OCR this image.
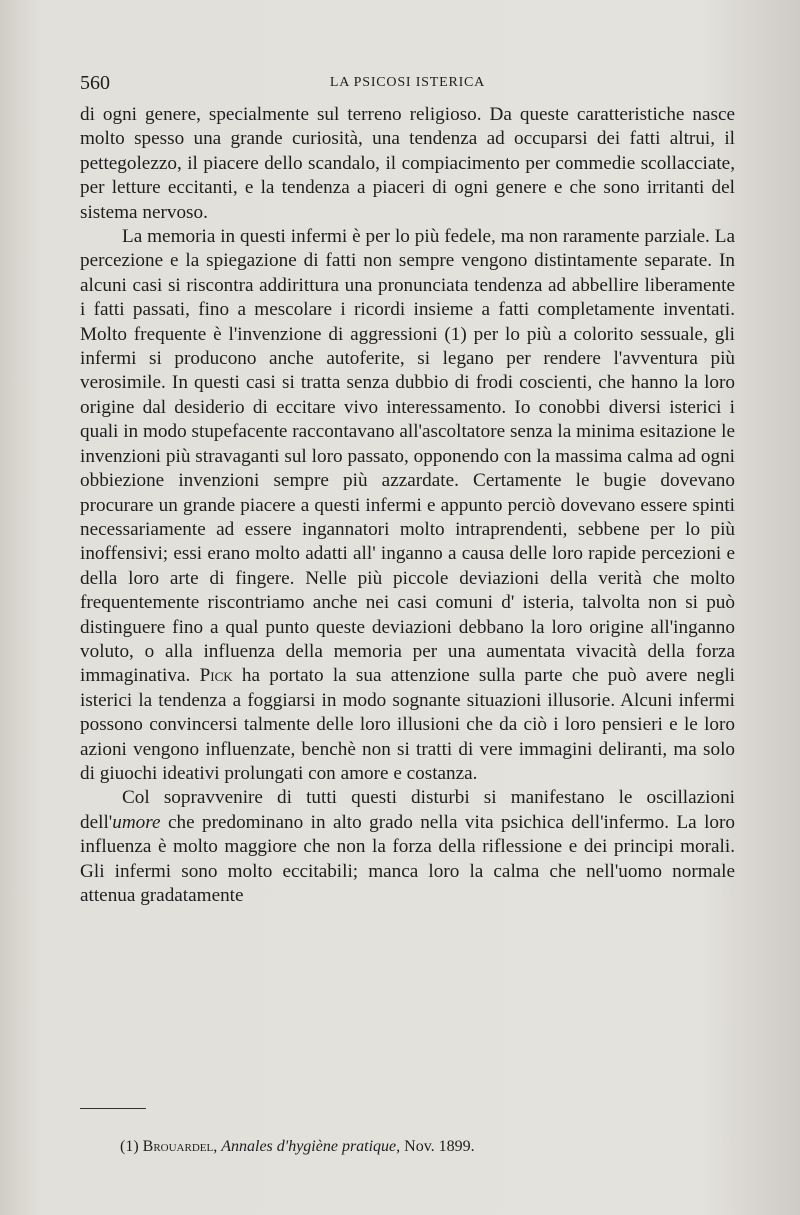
560	LA PSICOSI ISTERICA

di ogni genere, specialmente sul terreno religioso. Da queste caratteristiche nasce molto spesso una grande curiosità, una tendenza ad occuparsi dei fatti altrui, il pettegolezzo, il piacere dello scandalo, il compiacimento per commedie scollacciate, per letture eccitanti, e la tendenza a piaceri di ogni genere e che sono irritanti del sistema nervoso.

La memoria in questi infermi è per lo più fedele, ma non raramente parziale. La percezione e la spiegazione di fatti non sempre vengono distintamente separate. In alcuni casi si riscontra addirittura una pronunciata tendenza ad abbellire liberamente i fatti passati, fino a mescolare i ricordi insieme a fatti completamente inventati. Molto frequente è l'invenzione di aggressioni (1) per lo più a colorito sessuale, gli infermi si producono anche autoferite, si legano per rendere l'avventura più verosimile. In questi casi si tratta senza dubbio di frodi coscienti, che hanno la loro origine dal desiderio di eccitare vivo interessamento. Io conobbi diversi isterici i quali in modo stupefacente raccontavano all'ascoltatore senza la minima esitazione le invenzioni più stravaganti sul loro passato, opponendo con la massima calma ad ogni obbiezione invenzioni sempre più azzardate. Certamente le bugie dovevano procurare un grande piacere a questi infermi e appunto perciò dovevano essere spinti necessariamente ad essere ingannatori molto intraprendenti, sebbene per lo più inoffensivi; essi erano molto adatti all' inganno a causa delle loro rapide percezioni e della loro arte di fingere. Nelle più piccole deviazioni della verità che molto frequentemente riscontriamo anche nei casi comuni d' isteria, talvolta non si può distinguere fino a qual punto queste deviazioni debbano la loro origine all'inganno voluto, o alla influenza della memoria per una aumentata vivacità della forza immaginativa. Pick ha portato la sua attenzione sulla parte che può avere negli isterici la tendenza a foggiarsi in modo sognante situazioni illusorie. Alcuni infermi possono convincersi talmente delle loro illusioni che da ciò i loro pensieri e le loro azioni vengono influenzate, benchè non si tratti di vere immagini deliranti, ma solo di giuochi ideativi prolungati con amore e costanza.

Col sopravvenire di tutti questi disturbi si manifestano le oscillazioni dell'umore che predominano in alto grado nella vita psichica dell'infermo. La loro influenza è molto maggiore che non la forza della riflessione e dei principi morali. Gli infermi sono molto eccitabili; manca loro la calma che nell'uomo normale attenua gradatamente

(1) Brouardel, Annales d'hygiène pratique, Nov. 1899.
